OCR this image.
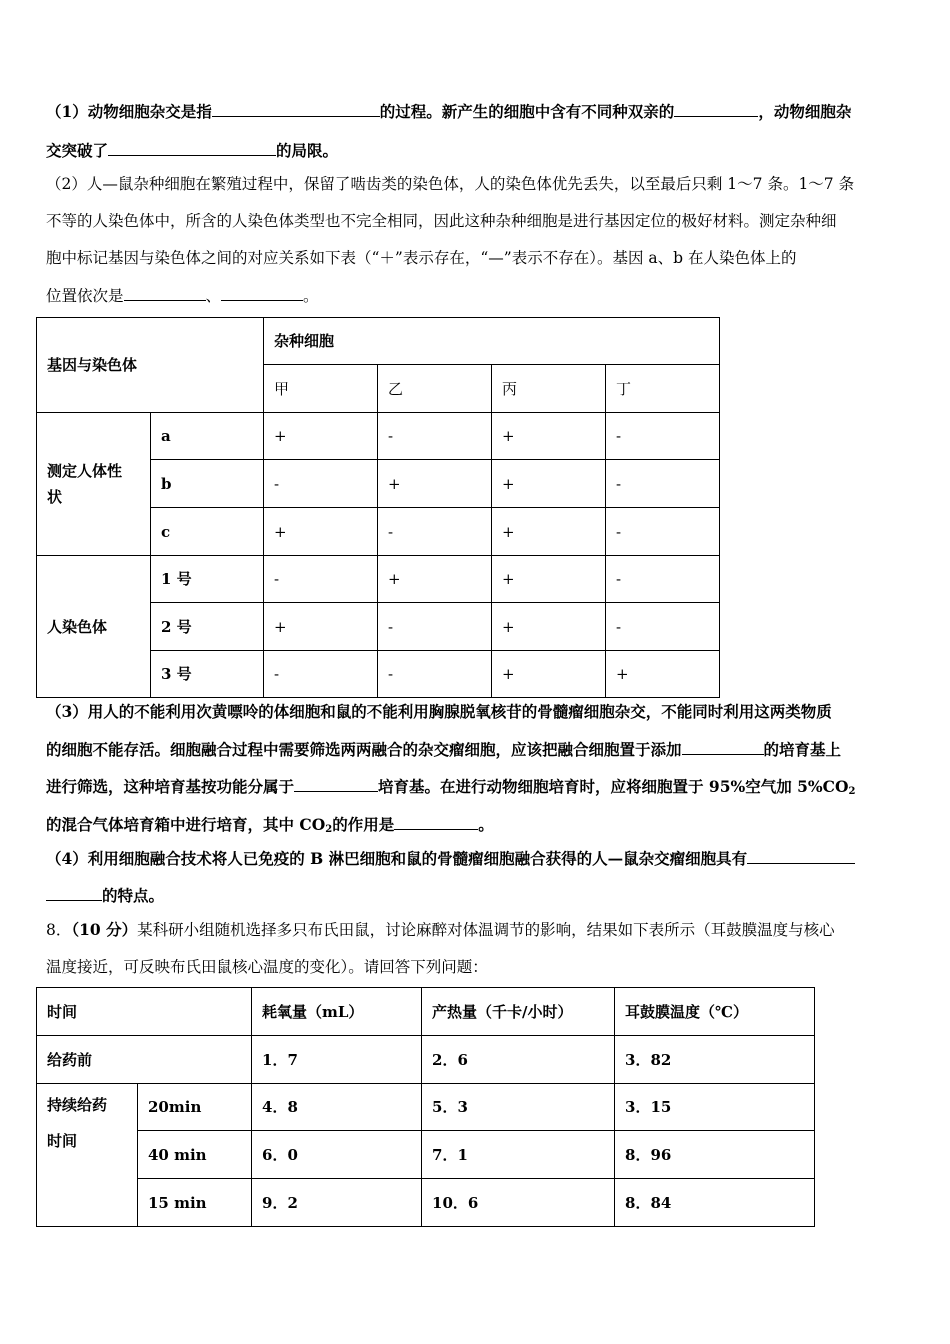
（1）动物细胞杂交是指	的过程。新产生的细胞中含有不同种双亲的	，动物细胞杂
交突破了	的局限。
（2）人—鼠杂种细胞在繁殖过程中，保留了啮齿类的染色体，人的染色体优先丢失，以至最后只剩 1～7 条。1～7 条
不等的人染色体中，所含的人染色体类型也不完全相同，因此这种杂种细胞是进行基因定位的极好材料。测定杂种细
胞中标记基因与染色体之间的对应关系如下表（“＋”表示存在，“—”表示不存在）。基因 a、b 在人染色体上的
位置依次是	、	。
基因与染色体		杂种细胞			
		甲	乙	丙	丁

测定人体性
状	a	+	-	+	-
	b	-	+	+	-
	c	+	-	+	-
人染色体	1 号	-	+	+	-
	2 号	+	-	+	-
	3 号	-	-	+	+
（3）用人的不能利用次黄嘌呤的体细胞和鼠的不能利用胸腺脱氧核苷的骨髓瘤细胞杂交，不能同时利用这两类物质
的细胞不能存活。细胞融合过程中需要筛选两两融合的杂交瘤细胞，应该把融合细胞置于添加	的培育基上
进行筛选，这种培育基按功能分属于	培育基。在进行动物细胞培育时，应将细胞置于 95%空气加 $5\%CO_2$
的混合气体培育箱中进行培育，其中 $CO_2$的作用是	。
（4）利用细胞融合技术将人已免疫的 B 淋巴细胞和鼠的骨髓瘤细胞融合获得的人—鼠杂交瘤细胞具有
的特点。
8．（10 分）某科研小组随机选择多只布氏田鼠，讨论麻醉对体温调节的影响，结果如下表所示（耳鼓膜温度与核心
温度接近，可反映布氏田鼠核心温度的变化）。请回答下列问题：
时间		耗氧量（mL）	产热量（千卡/小时）	耳鼓膜温度（℃）
给药前		1．7	2．6	3．82

持续给药
时间	20min	4．8	5．3	3．15
	40 min	6．0	7．1	8．96
	15 min	9．2	10．6	8．84
